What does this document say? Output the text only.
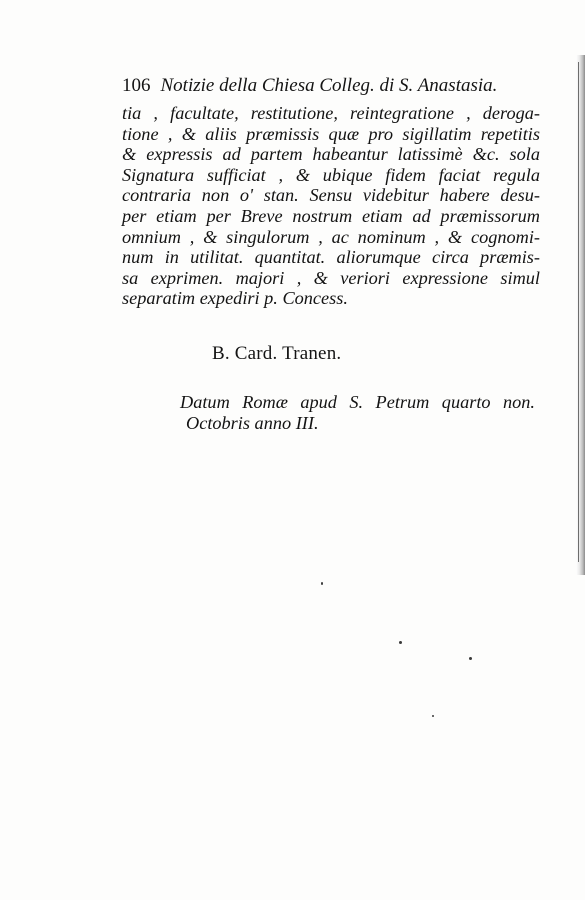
106 Notizie della Chiesa Colleg. di S. Anastasia.
tia , facultate, restitutione, reintegratione , deroga-
tione , & aliis præmissis quæ pro sigillatim repetitis
& expressis ad partem habeantur latissimè &c. sola
Signatura sufficiat , & ubique fidem faciat regula
contraria non o' stan. Sensu videbitur habere desu-
per etiam per Breve nostrum etiam ad præmissorum
omnium , & singulorum , ac nominum , & cognomi-
num in utilitat. quantitat. aliorumque circa præmis-
sa exprimen. majori , & veriori expressione simul
separatim expediri p. Concess.
B. Card. Tranen.
Datum Romæ apud S. Petrum quarto non.
Octobris anno III.
